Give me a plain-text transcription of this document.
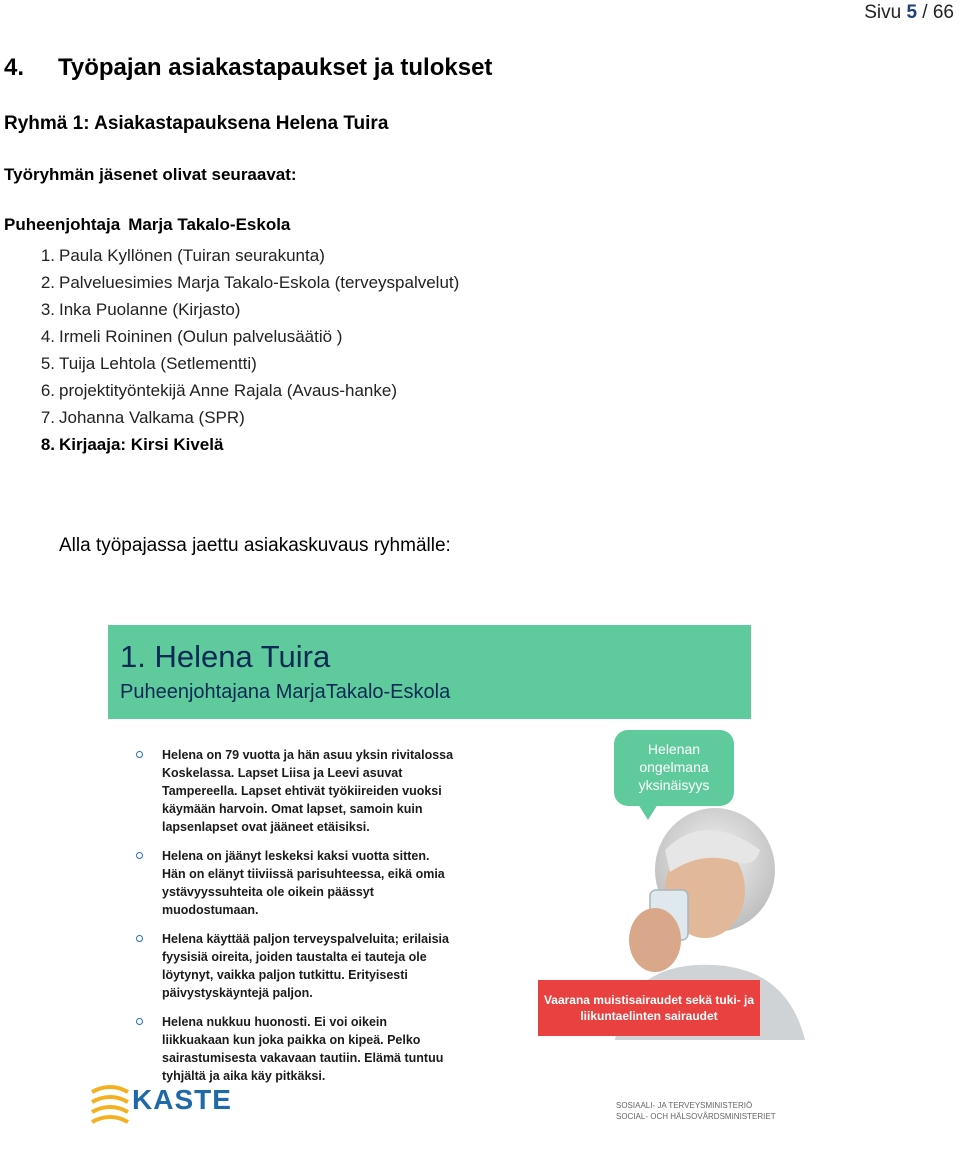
Sivu 5 / 66
4. Työpajan asiakastapaukset ja tulokset
Ryhmä 1: Asiakastapauksena Helena Tuira
Työryhmän jäsenet olivat seuraavat:
Puheenjohtaja Marja Takalo-Eskola
1. Paula Kyllönen (Tuiran seurakunta)
2. Palveluesimies Marja Takalo-Eskola (terveyspalvelut)
3. Inka Puolanne (Kirjasto)
4. Irmeli Roininen (Oulun palvelusäätiö )
5. Tuija Lehtola (Setlementti)
6. projektityöntekijä Anne Rajala (Avaus-hanke)
7. Johanna Valkama (SPR)
8. Kirjaaja: Kirsi Kivelä
Alla työpajassa jaettu asiakaskuvaus ryhmälle:
1. Helena Tuira
Puheenjohtajana MarjaTakalo-Eskola
Helena on 79 vuotta ja hän asuu yksin rivitalossa Koskelassa. Lapset Liisa ja Leevi asuvat Tampereella. Lapset ehtivät työkiireiden vuoksi käymään harvoin. Omat lapset, samoin kuin lapsenlapset ovat jääneet etäisiksi.
Helena on jäänyt leskeksi kaksi vuotta sitten. Hän on elänyt tiiviissä parisuhteessa, eikä omia ystävyyssuhteita ole oikein päässyt muodostumaan.
Helena käyttää paljon terveyspalveluita; erilaisia fyysisiä oireita, joiden taustalta ei tauteja ole löytynyt, vaikka paljon tutkittu. Erityisesti päivystyskäyntejä paljon.
Helena nukkuu huonosti. Ei voi oikein liikkuakaan kun joka paikka on kipeä. Pelko sairastumisesta vakavaan tautiin. Elämä tuntuu tyhjältä ja aika käy pitkäksi.
Helenan ongelmana yksinäisyys
Vaarana muistisairaudet sekä tuki- ja liikuntaelinten sairaudet
KASTE	SOSIAALI- JA TERVEYSMINISTERIÖ
SOCIAL- OCH HÄLSOVÅRDSMINISTERIET
